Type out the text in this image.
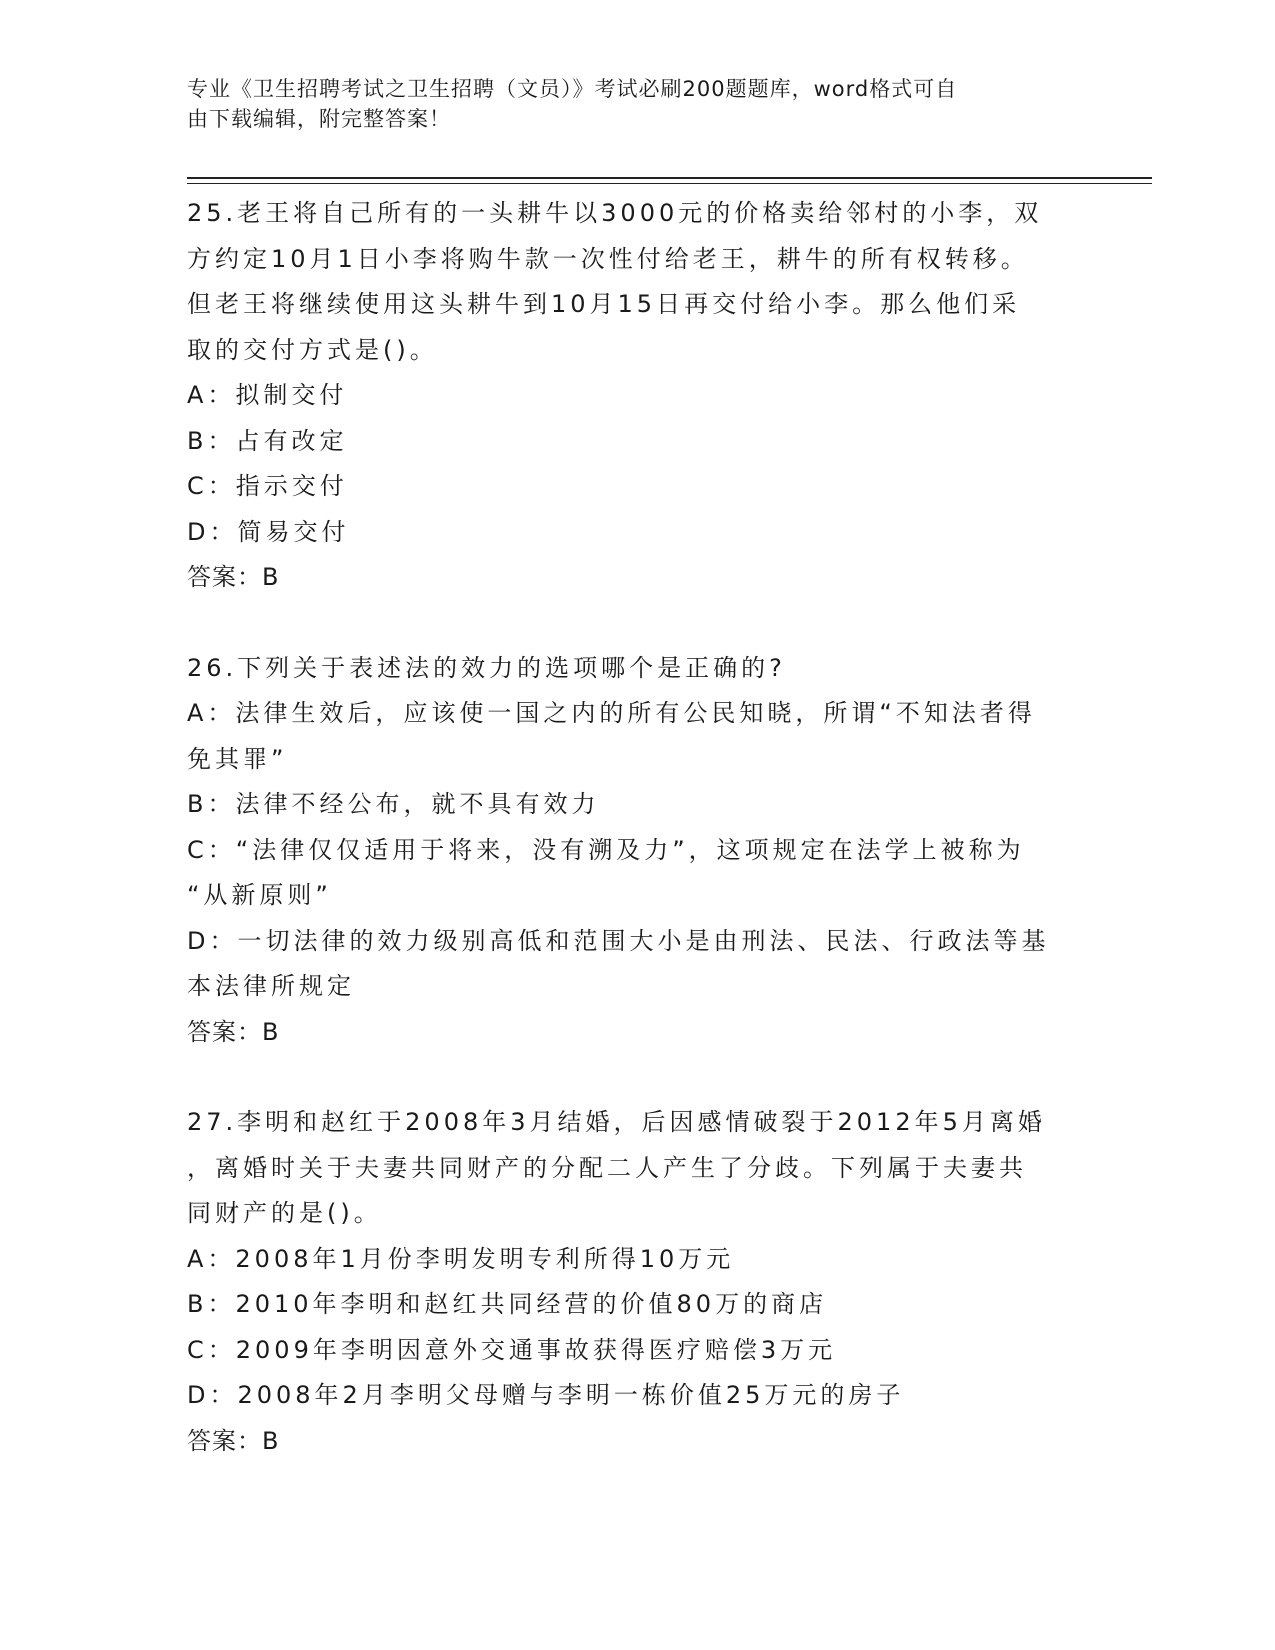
专业《卫生招聘考试之卫生招聘（文员）》考试必刷200题题库，word格式可自
由下载编辑，附完整答案！
25.老王将自己所有的一头耕牛以3000元的价格卖给邻村的小李，双
方约定10月1日小李将购牛款一次性付给老王，耕牛的所有权转移。
但老王将继续使用这头耕牛到10月15日再交付给小李。那么他们采
取的交付方式是()。
A：拟制交付
B：占有改定
C：指示交付
D：简易交付
答案：B
26.下列关于表述法的效力的选项哪个是正确的?
A：法律生效后，应该使一国之内的所有公民知晓，所谓“不知法者得
免其罪”
B：法律不经公布，就不具有效力
C：“法律仅仅适用于将来，没有溯及力”，这项规定在法学上被称为
“从新原则”
D：一切法律的效力级别高低和范围大小是由刑法、民法、行政法等基
本法律所规定
答案：B
27.李明和赵红于2008年3月结婚，后因感情破裂于2012年5月离婚
，离婚时关于夫妻共同财产的分配二人产生了分歧。下列属于夫妻共
同财产的是()。
A：2008年1月份李明发明专利所得10万元
B：2010年李明和赵红共同经营的价值80万的商店
C：2009年李明因意外交通事故获得医疗赔偿3万元
D：2008年2月李明父母赠与李明一栋价值25万元的房子
答案：B
